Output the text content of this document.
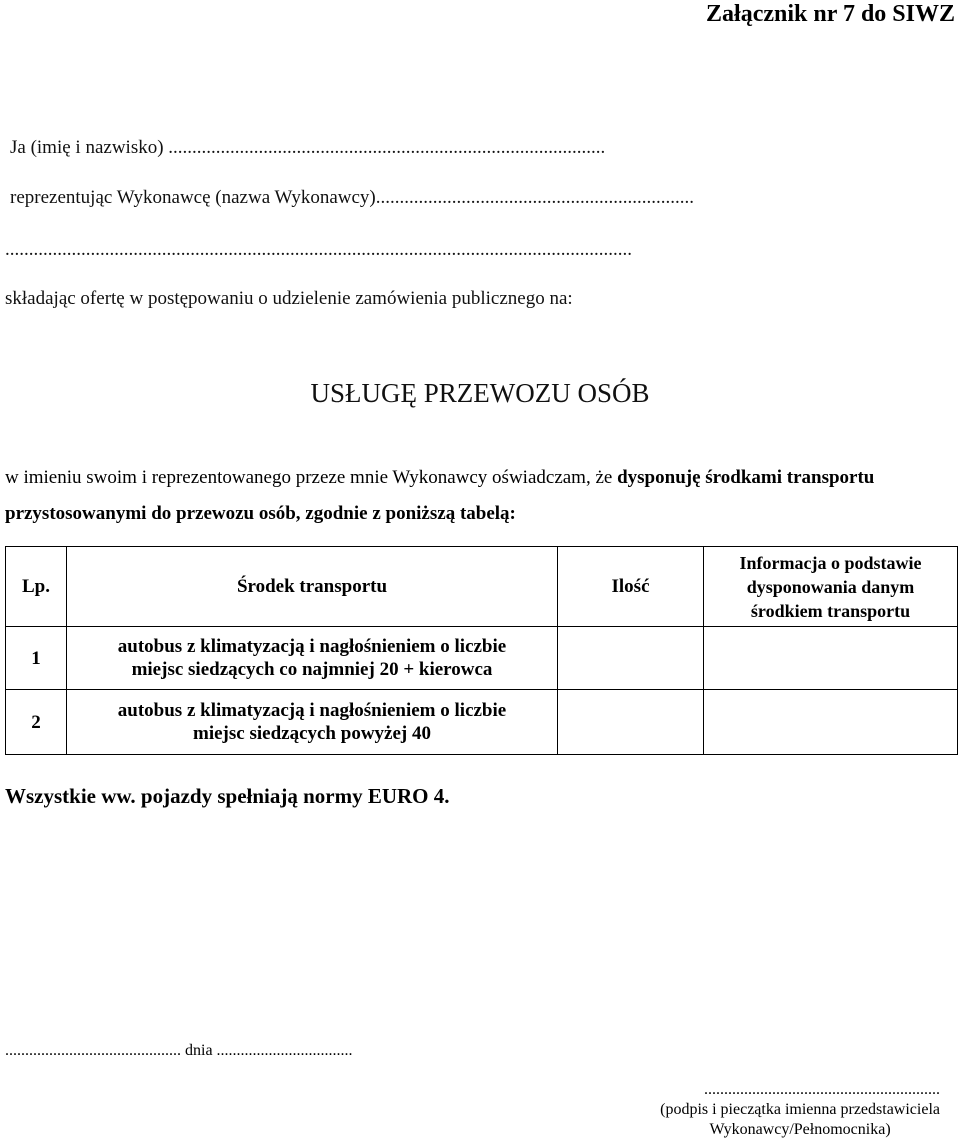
Załącznik nr 7 do SIWZ
Ja (imię i nazwisko) ............................................................................................
reprezentując Wykonawcę (nazwa Wykonawcy)...................................................................
....................................................................................................................................
składając ofertę w postępowaniu o udzielenie zamówienia publicznego na:
USŁUGĘ PRZEWOZU OSÓB
w imieniu swoim i reprezentowanego przeze mnie Wykonawcy oświadczam, że dysponuję środkami transportu przystosowanymi do przewozu osób, zgodnie z poniższą tabelą:
Lp.	Środek transportu	Ilość	Informacja o podstawie
dysponowania danym
środkiem transportu

1	autobus z klimatyzacją i nagłośnieniem o liczbie
miejsc siedzących co najmniej 20 + kierowca		

2	autobus z klimatyzacją i nagłośnieniem o liczbie
miejsc siedzących powyżej 40		

Wszystkie ww. pojazdy spełniają normy EURO 4.
............................................ dnia ..................................
...........................................................
(podpis i pieczątka imienna przedstawiciela
Wykonawcy/Pełnomocnika)
